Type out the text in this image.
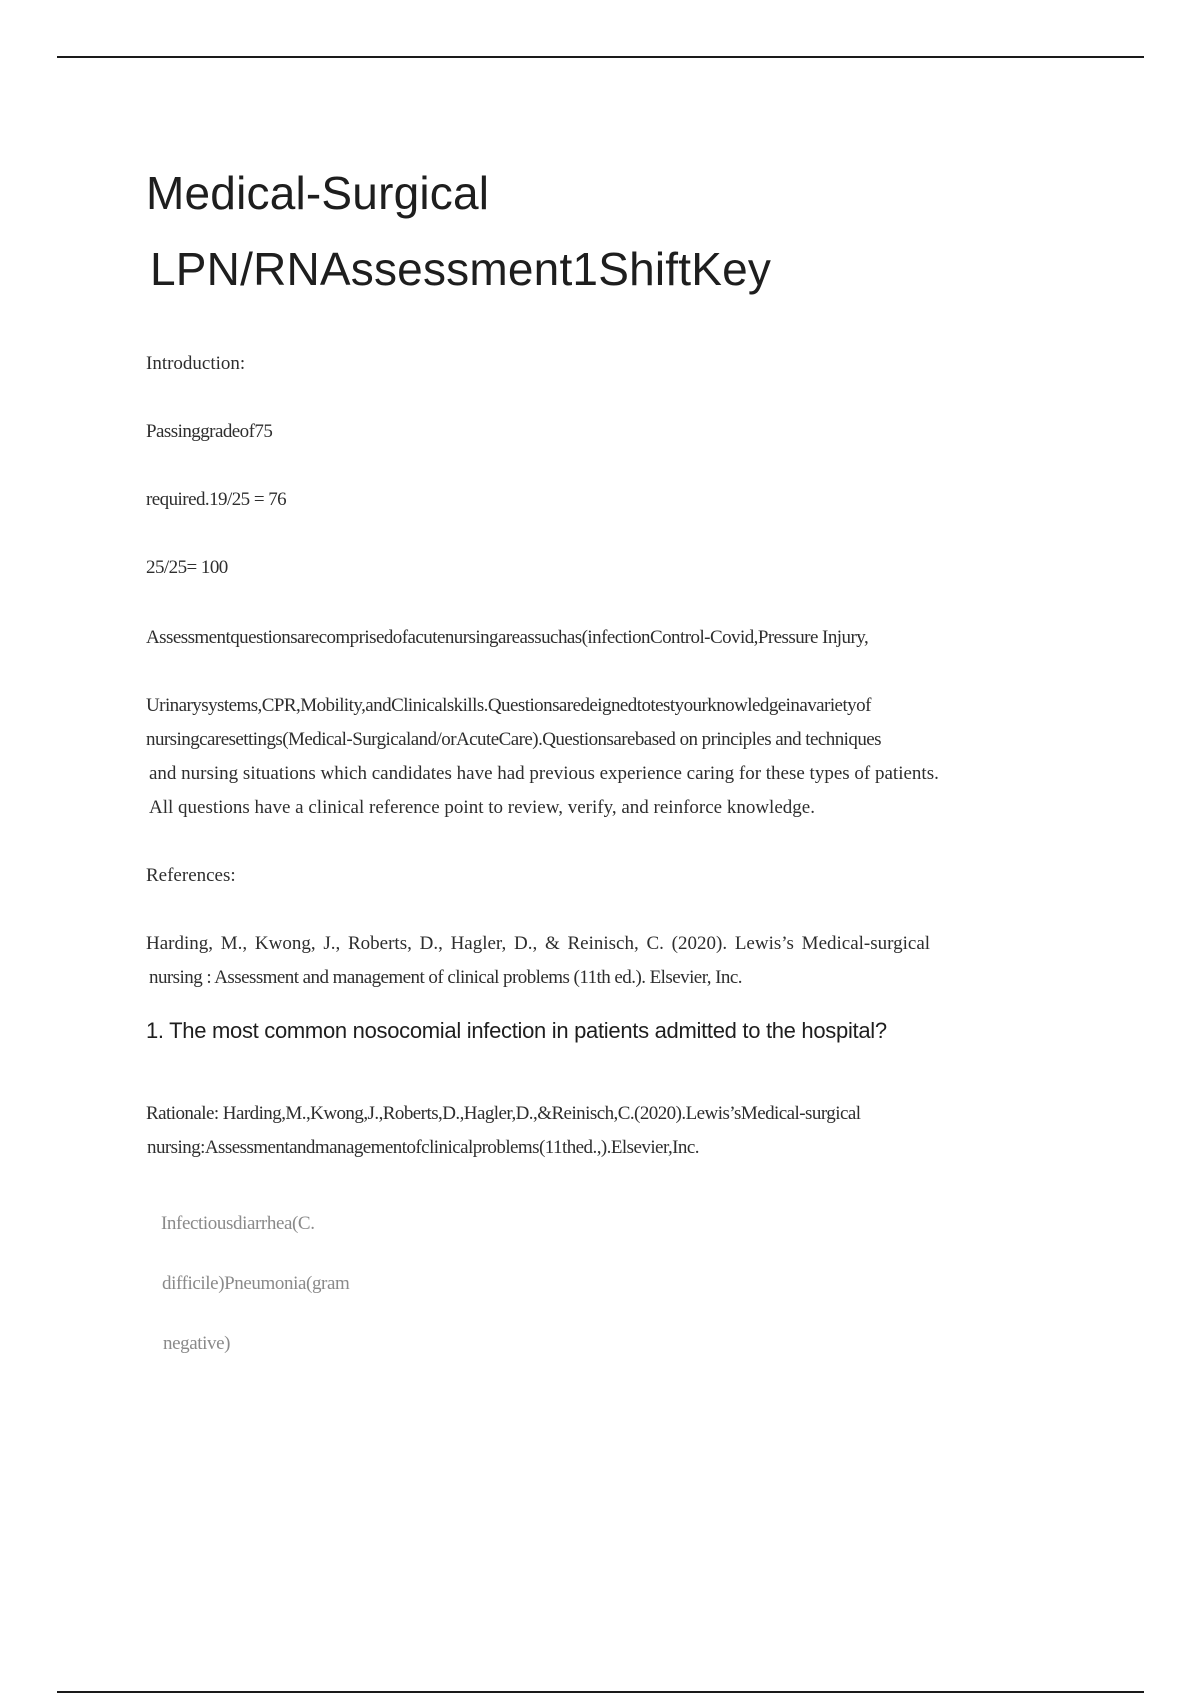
Medical-Surgical
LPN/RNAssessment1ShiftKey
Introduction:
Passinggradeof75
required.19/25 = 76
25/25= 100
Assessmentquestionsarecomprisedofacutenursingareassuchas(infectionControl-Covid,Pressure Injury,
Urinarysystems,CPR,Mobility,andClinicalskills.Questionsaredeignedtotestyourknowledgeinavarietyof
nursingcaresettings(Medical-Surgicaland/orAcuteCare).Questionsarebased on principles and techniques
and nursing situations which candidates have had previous experience caring for these types of patients.
All questions have a clinical reference point to review, verify, and reinforce knowledge.
References:
Harding, M., Kwong, J., Roberts, D., Hagler, D., & Reinisch, C. (2020). Lewis’s Medical-surgical
nursing : Assessment and management of clinical problems (11th ed.). Elsevier, Inc.
1. The most common nosocomial infection in patients admitted to the hospital?
Rationale: Harding,M.,Kwong,J.,Roberts,D.,Hagler,D.,&Reinisch,C.(2020).Lewis’sMedical-surgical
nursing:Assessmentandmanagementofclinicalproblems(11thed.,).Elsevier,Inc.
Infectiousdiarrhea(C.
difficile)Pneumonia(gram
negative)
